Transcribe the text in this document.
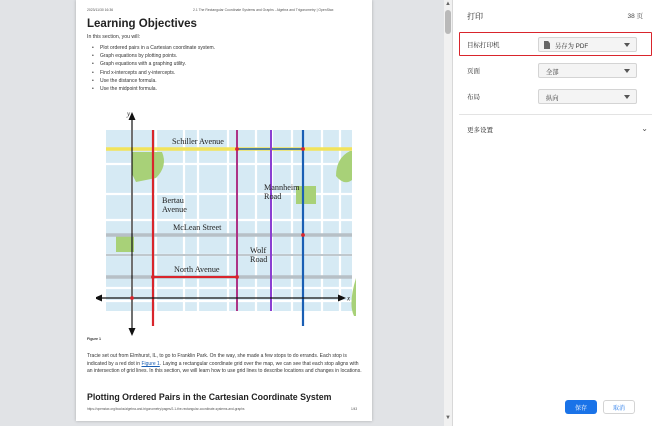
2023/11/30 16:36	2.1 The Rectangular Coordinate Systems and Graphs - Algebra and Trigonometry | OpenStax
Learning Objectives
In this section, you will:
• Plot ordered pairs in a Cartesian coordinate system.
• Graph equations by plotting points.
• Graph equations with a graphing utility.
• Find x-intercepts and y-intercepts.
• Use the distance formula.
• Use the midpoint formula.
x
y
Schiller Avenue
Bertau
Avenue
Mannheim
Road
McLean Street
Wolf
Road
North Avenue
Figure 1
Tracie set out from Elmhurst, IL, to go to Franklin Park. On the way, she made a few stops to do errands. Each stop is indicated by a red dot in Figure 1. Laying a rectangular coordinate grid over the map, we can see that each stop aligns with an intersection of grid lines. In this section, we will learn how to use grid lines to describe locations and changes in locations.
Plotting Ordered Pairs in the Cartesian Coordinate System
https://openstax.org/books/algebra-and-trigonometry/pages/2-1-the-rectangular-coordinate-systems-and-graphs	1/43
▲
▼
打印	38 页
目标打印机	另存为 PDF
页面	全部
布局	纵向
更多设置	⌄
保存	取消
